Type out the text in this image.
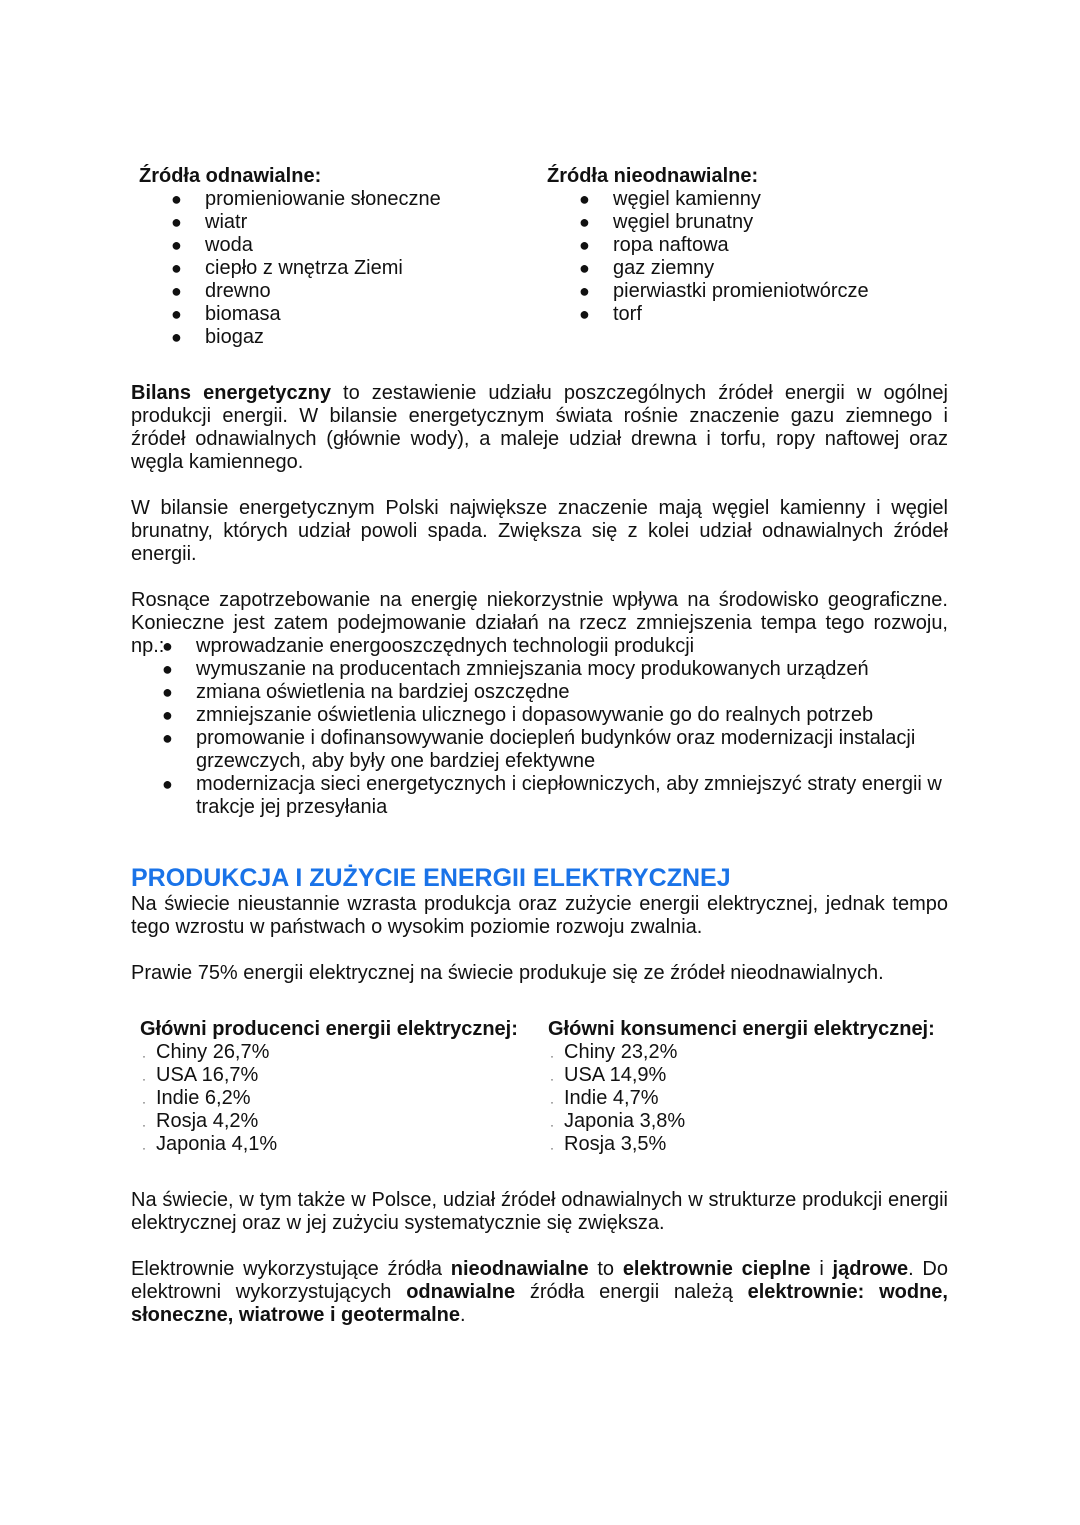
Źródła odnawialne:
● promieniowanie słoneczne
● wiatr
● woda
● ciepło z wnętrza Ziemi
● drewno
● biomasa
● biogaz
Źródła nieodnawialne:
● węgiel kamienny
● węgiel brunatny
● ropa naftowa
● gaz ziemny
● pierwiastki promieniotwórcze
● torf
Bilans energetyczny to zestawienie udziału poszczególnych źródeł energii w ogólnej produkcji energii. W bilansie energetycznym świata rośnie znaczenie gazu ziemnego i źródeł odnawialnych (głównie wody), a maleje udział drewna i torfu, ropy naftowej oraz węgla kamiennego.
W bilansie energetycznym Polski największe znaczenie mają węgiel kamienny i węgiel brunatny, których udział powoli spada. Zwiększa się z kolei udział odnawialnych źródeł energii.
Rosnące zapotrzebowanie na energię niekorzystnie wpływa na środowisko geograficzne. Konieczne jest zatem podejmowanie działań na rzecz zmniejszenia tempa tego rozwoju, np.:
● wprowadzanie energooszczędnych technologii produkcji
● wymuszanie na producentach zmniejszania mocy produkowanych urządzeń
● zmiana oświetlenia na bardziej oszczędne
● zmniejszanie oświetlenia ulicznego i dopasowywanie go do realnych potrzeb
● promowanie i dofinansowywanie dociepleń budynków oraz modernizacji instalacji grzewczych, aby były one bardziej efektywne
● modernizacja sieci energetycznych i ciepłowniczych, aby zmniejszyć straty energii w trakcje jej przesyłania
PRODUKCJA I ZUŻYCIE ENERGII ELEKTRYCZNEJ
Na świecie nieustannie wzrasta produkcja oraz zużycie energii elektrycznej, jednak tempo tego wzrostu w państwach o wysokim poziomie rozwoju zwalnia.
Prawie 75% energii elektrycznej na świecie produkuje się ze źródeł nieodnawialnych.
Główni producenci energii elektrycznej:
· Chiny 26,7%
· USA 16,7%
· Indie 6,2%
· Rosja 4,2%
· Japonia 4,1%
Główni konsumenci energii elektrycznej:
· Chiny 23,2%
· USA 14,9%
· Indie 4,7%
· Japonia 3,8%
· Rosja 3,5%
Na świecie, w tym także w Polsce, udział źródeł odnawialnych w strukturze produkcji energii elektrycznej oraz w jej zużyciu systematycznie się zwiększa.
Elektrownie wykorzystujące źródła nieodnawialne to elektrownie cieplne i jądrowe. Do elektrowni wykorzystujących odnawialne źródła energii należą elektrownie: wodne, słoneczne, wiatrowe i geotermalne.
